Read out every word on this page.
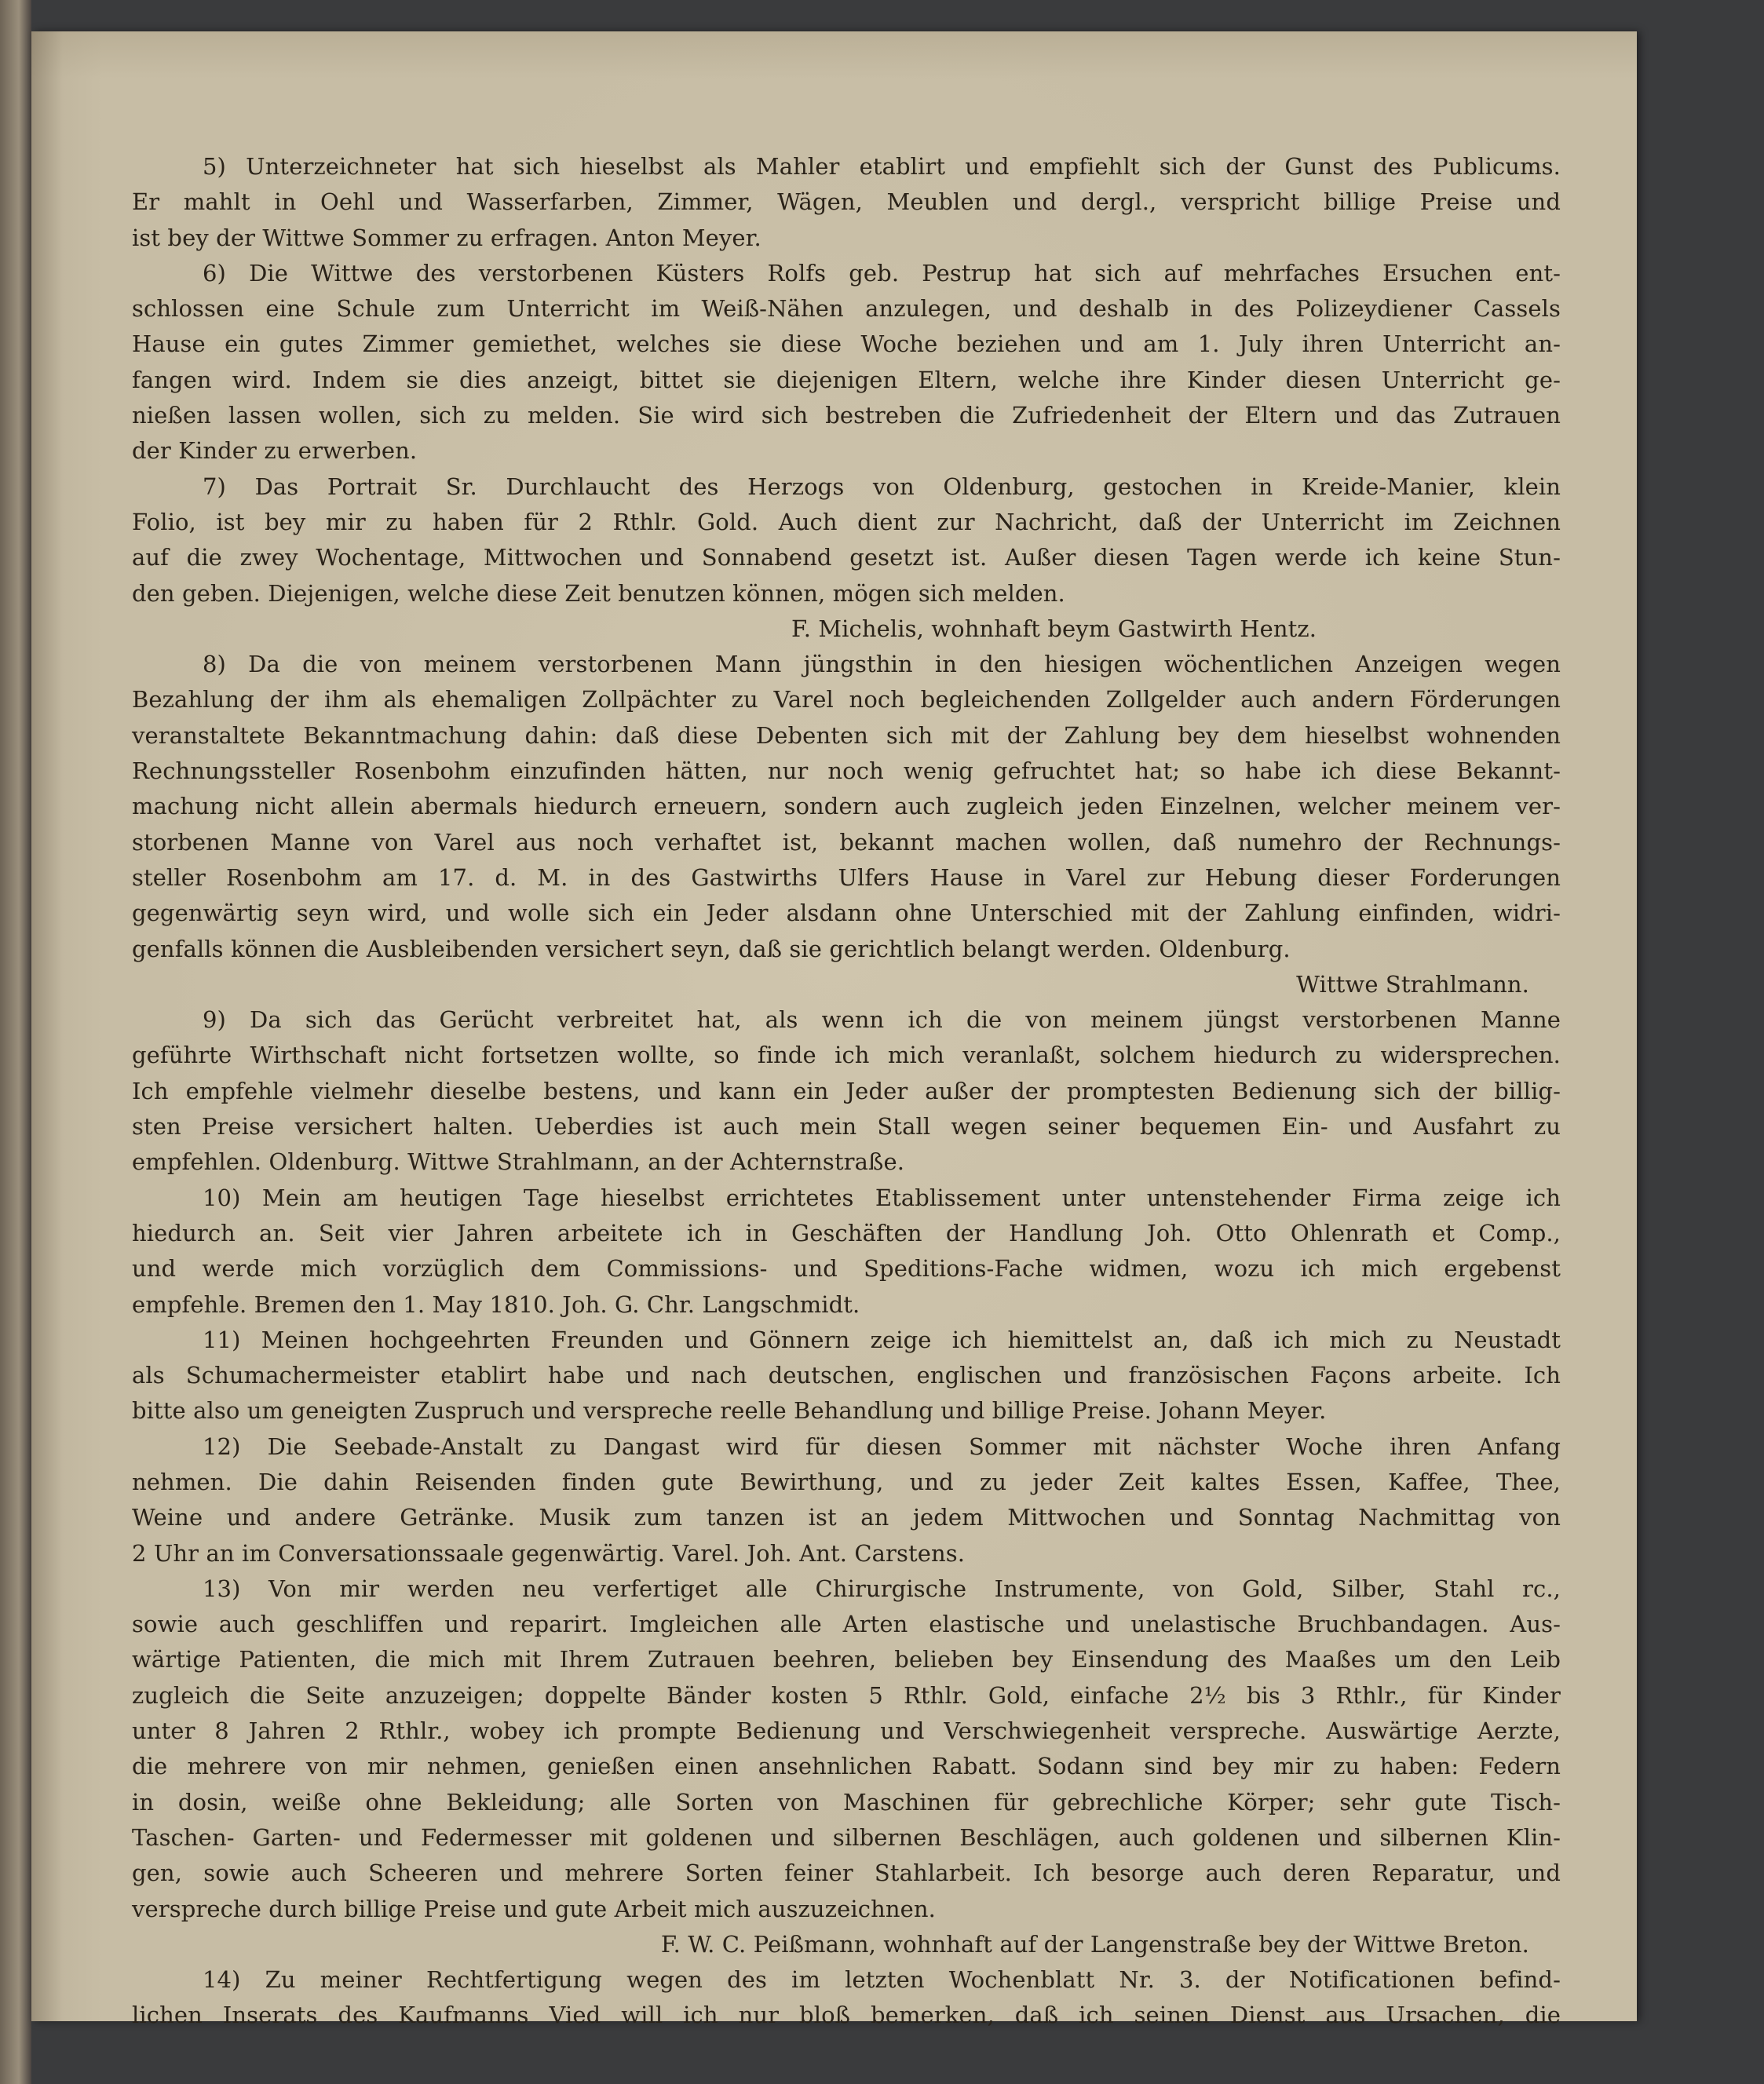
5) Unterzeichneter hat sich hieselbst als Mahler etablirt und empfiehlt sich der Gunst des Publicums.
Er mahlt in Oehl und Wasserfarben, Zimmer, Wägen, Meublen und dergl., verspricht billige Preise und
ist bey der Wittwe Sommer zu erfragen. Anton Meyer.
6) Die Wittwe des verstorbenen Küsters Rolfs geb. Pestrup hat sich auf mehrfaches Ersuchen ent-
schlossen eine Schule zum Unterricht im Weiß-Nähen anzulegen, und deshalb in des Polizeydiener Cassels
Hause ein gutes Zimmer gemiethet, welches sie diese Woche beziehen und am 1. July ihren Unterricht an-
fangen wird. Indem sie dies anzeigt, bittet sie diejenigen Eltern, welche ihre Kinder diesen Unterricht ge-
nießen lassen wollen, sich zu melden. Sie wird sich bestreben die Zufriedenheit der Eltern und das Zutrauen
der Kinder zu erwerben.
7) Das Portrait Sr. Durchlaucht des Herzogs von Oldenburg, gestochen in Kreide-Manier, klein
Folio, ist bey mir zu haben für 2 Rthlr. Gold. Auch dient zur Nachricht, daß der Unterricht im Zeichnen
auf die zwey Wochentage, Mittwochen und Sonnabend gesetzt ist. Außer diesen Tagen werde ich keine Stun-
den geben. Diejenigen, welche diese Zeit benutzen können, mögen sich melden.
F. Michelis, wohnhaft beym Gastwirth Hentz.
8) Da die von meinem verstorbenen Mann jüngsthin in den hiesigen wöchentlichen Anzeigen wegen
Bezahlung der ihm als ehemaligen Zollpächter zu Varel noch begleichenden Zollgelder auch andern Förderungen
veranstaltete Bekanntmachung dahin: daß diese Debenten sich mit der Zahlung bey dem hieselbst wohnenden
Rechnungssteller Rosenbohm einzufinden hätten, nur noch wenig gefruchtet hat; so habe ich diese Bekannt-
machung nicht allein abermals hiedurch erneuern, sondern auch zugleich jeden Einzelnen, welcher meinem ver-
storbenen Manne von Varel aus noch verhaftet ist, bekannt machen wollen, daß numehro der Rechnungs-
steller Rosenbohm am 17. d. M. in des Gastwirths Ulfers Hause in Varel zur Hebung dieser Forderungen
gegenwärtig seyn wird, und wolle sich ein Jeder alsdann ohne Unterschied mit der Zahlung einfinden, widri-
genfalls können die Ausbleibenden versichert seyn, daß sie gerichtlich belangt werden. Oldenburg.
Wittwe Strahlmann.
9) Da sich das Gerücht verbreitet hat, als wenn ich die von meinem jüngst verstorbenen Manne
geführte Wirthschaft nicht fortsetzen wollte, so finde ich mich veranlaßt, solchem hiedurch zu widersprechen.
Ich empfehle vielmehr dieselbe bestens, und kann ein Jeder außer der promptesten Bedienung sich der billig-
sten Preise versichert halten. Ueberdies ist auch mein Stall wegen seiner bequemen Ein- und Ausfahrt zu
empfehlen. Oldenburg. Wittwe Strahlmann, an der Achternstraße.
10) Mein am heutigen Tage hieselbst errichtetes Etablissement unter untenstehender Firma zeige ich
hiedurch an. Seit vier Jahren arbeitete ich in Geschäften der Handlung Joh. Otto Ohlenrath et Comp.,
und werde mich vorzüglich dem Commissions- und Speditions-Fache widmen, wozu ich mich ergebenst
empfehle. Bremen den 1. May 1810. Joh. G. Chr. Langschmidt.
11) Meinen hochgeehrten Freunden und Gönnern zeige ich hiemittelst an, daß ich mich zu Neustadt
als Schumachermeister etablirt habe und nach deutschen, englischen und französischen Façons arbeite. Ich
bitte also um geneigten Zuspruch und verspreche reelle Behandlung und billige Preise. Johann Meyer.
12) Die Seebade-Anstalt zu Dangast wird für diesen Sommer mit nächster Woche ihren Anfang
nehmen. Die dahin Reisenden finden gute Bewirthung, und zu jeder Zeit kaltes Essen, Kaffee, Thee,
Weine und andere Getränke. Musik zum tanzen ist an jedem Mittwochen und Sonntag Nachmittag von
2 Uhr an im Conversationssaale gegenwärtig. Varel. Joh. Ant. Carstens.
13) Von mir werden neu verfertiget alle Chirurgische Instrumente, von Gold, Silber, Stahl rc.,
sowie auch geschliffen und reparirt. Imgleichen alle Arten elastische und unelastische Bruchbandagen. Aus-
wärtige Patienten, die mich mit Ihrem Zutrauen beehren, belieben bey Einsendung des Maaßes um den Leib
zugleich die Seite anzuzeigen; doppelte Bänder kosten 5 Rthlr. Gold, einfache 2½ bis 3 Rthlr., für Kinder
unter 8 Jahren 2 Rthlr., wobey ich prompte Bedienung und Verschwiegenheit verspreche. Auswärtige Aerzte,
die mehrere von mir nehmen, genießen einen ansehnlichen Rabatt. Sodann sind bey mir zu haben: Federn
in dosin, weiße ohne Bekleidung; alle Sorten von Maschinen für gebrechliche Körper; sehr gute Tisch-
Taschen- Garten- und Federmesser mit goldenen und silbernen Beschlägen, auch goldenen und silbernen Klin-
gen, sowie auch Scheeren und mehrere Sorten feiner Stahlarbeit. Ich besorge auch deren Reparatur, und
verspreche durch billige Preise und gute Arbeit mich auszuzeichnen.
F. W. C. Peißmann, wohnhaft auf der Langenstraße bey der Wittwe Breton.
14) Zu meiner Rechtfertigung wegen des im letzten Wochenblatt Nr. 3. der Notificationen befind-
lichen Inserats des Kaufmanns Vied will ich nur bloß bemerken, daß ich seinen Dienst aus Ursachen, die
